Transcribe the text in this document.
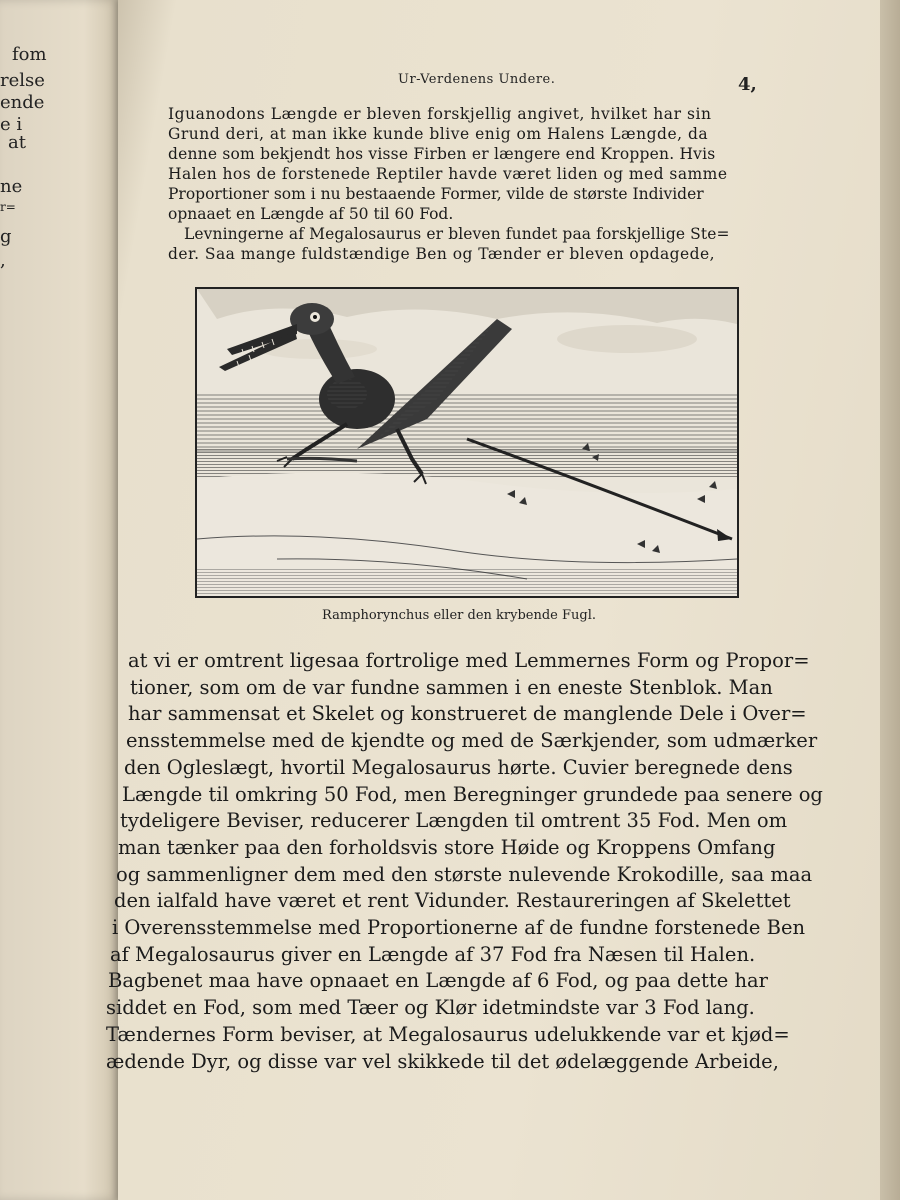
fom
relse
ende
e i
at
ne
r=
g
,
Ur-Verdenens Undere.	4,
Iguanodons Længde er bleven forskjellig angivet, hvilket har sin
Grund deri, at man ikke kunde blive enig om Halens Længde, da
denne som bekjendt hos visse Firben er længere end Kroppen. Hvis
Halen hos de forstenede Reptiler havde været liden og med samme
Proportioner som i nu bestaaende Former, vilde de største Individer
opnaaet en Længde af 50 til 60 Fod.
Levningerne af Megalosaurus er bleven fundet paa forskjellige Ste=
der. Saa mange fuldstændige Ben og Tænder er bleven opdagede,
Ramphorynchus eller den krybende Fugl.
at vi er omtrent ligesaa fortrolige med Lemmernes Form og Propor=
tioner, som om de var fundne sammen i en eneste Stenblok. Man
har sammensat et Skelet og konstrueret de manglende Dele i Over=
ensstemmelse med de kjendte og med de Særkjender, som udmærker
den Ogleslægt, hvortil Megalosaurus hørte. Cuvier beregnede dens
Længde til omkring 50 Fod, men Beregninger grundede paa senere og
tydeligere Beviser, reducerer Længden til omtrent 35 Fod. Men om
man tænker paa den forholdsvis store Høide og Kroppens Omfang
og sammenligner dem med den største nulevende Krokodille, saa maa
den ialfald have været et rent Vidunder. Restaureringen af Skelettet
i Overensstemmelse med Proportionerne af de fundne forstenede Ben
af Megalosaurus giver en Længde af 37 Fod fra Næsen til Halen.
Bagbenet maa have opnaaet en Længde af 6 Fod, og paa dette har
siddet en Fod, som med Tæer og Klør idetmindste var 3 Fod lang.
Tændernes Form beviser, at Megalosaurus udelukkende var et kjød=
ædende Dyr, og disse var vel skikkede til det ødelæggende Arbeide,
